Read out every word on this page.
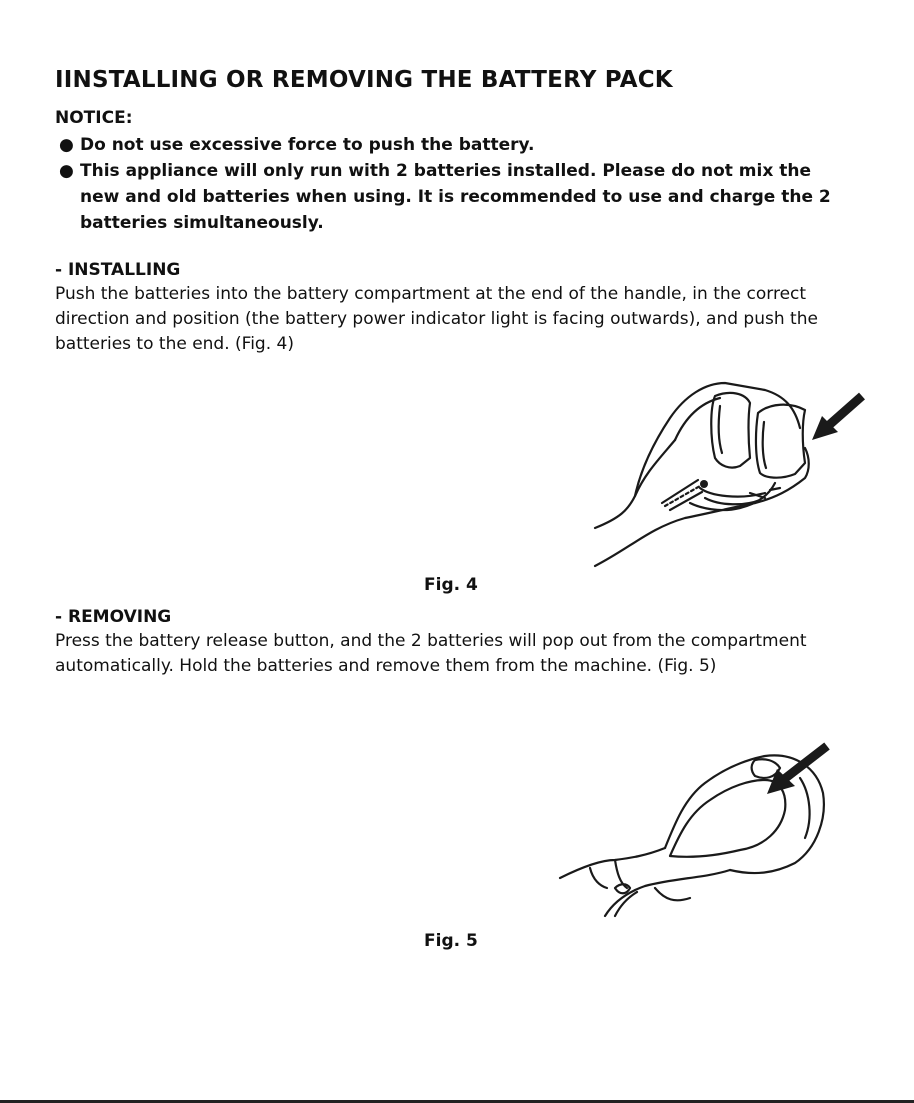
IINSTALLING OR REMOVING THE BATTERY PACK

NOTICE:

● Do not use excessive force to push the battery.
● This appliance will only run with 2 batteries installed. Please do not mix the new and old batteries when using. It is recommended to use and charge the 2 batteries simultaneously.

- INSTALLING

Push the batteries into the battery compartment at the end of the handle, in the correct direction and position (the battery power indicator light is facing outwards), and push the batteries to the end. (Fig. 4)

Fig. 4

- REMOVING

Press the battery release button, and the 2 batteries will pop out from the compartment automatically. Hold the batteries and remove them from the machine. (Fig. 5)

Fig. 5
